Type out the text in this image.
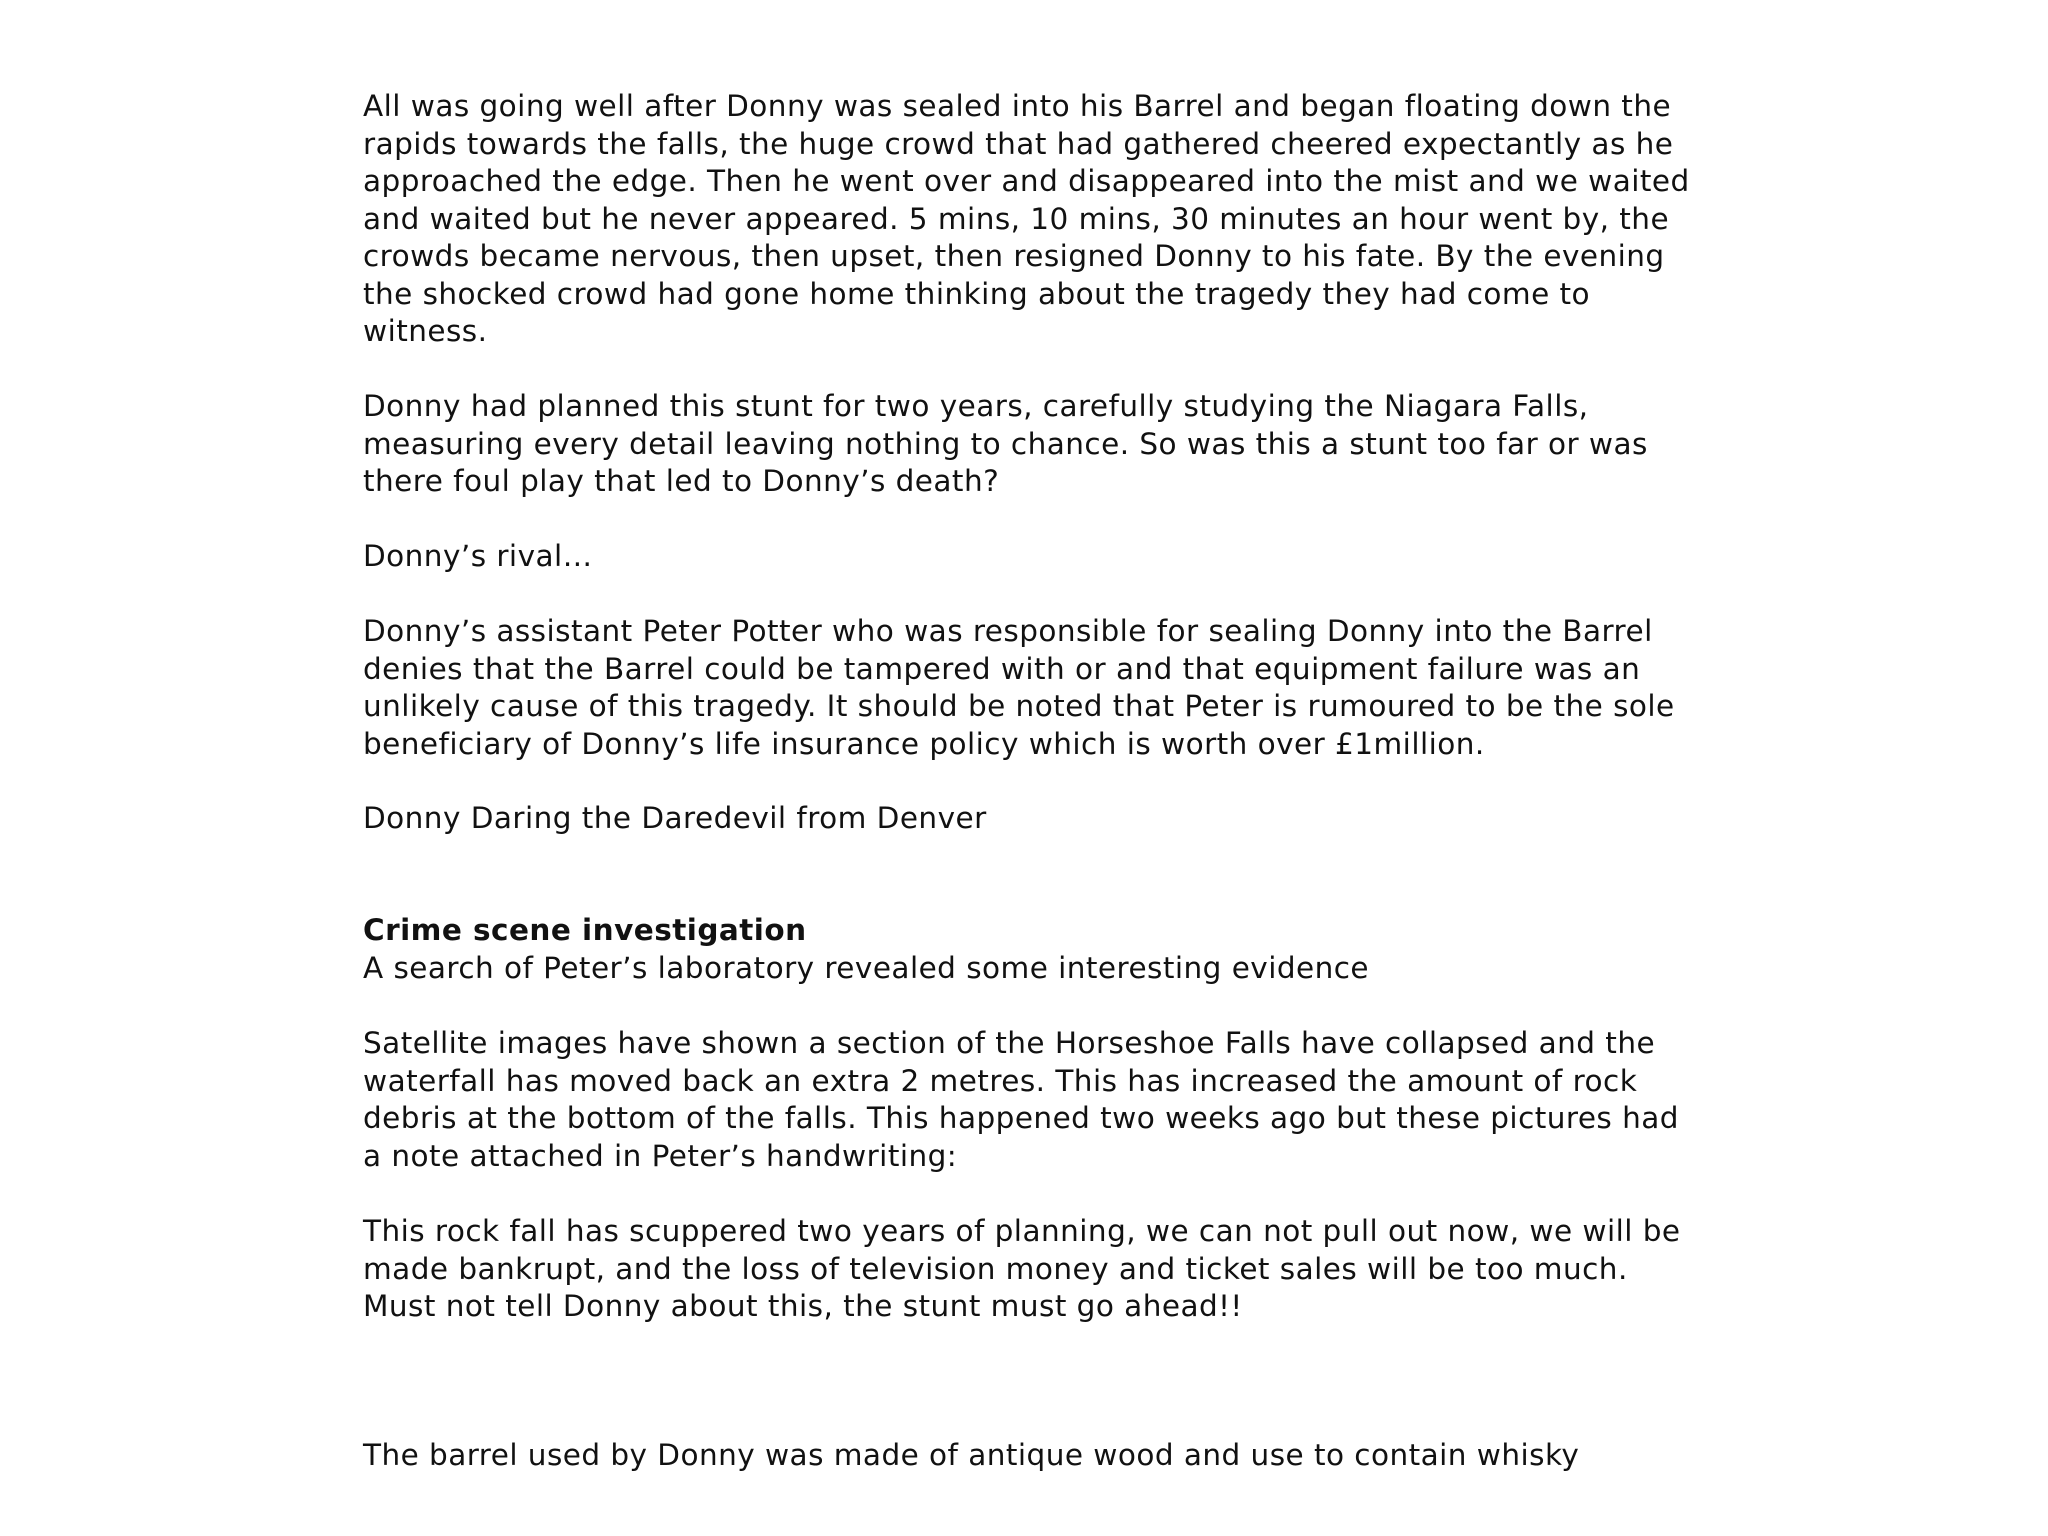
All was going well after Donny was sealed into his Barrel and began floating down the
rapids towards the falls, the huge crowd that had gathered cheered expectantly as he
approached the edge. Then he went over and disappeared into the mist and we waited
and waited but he never appeared. 5 mins, 10 mins, 30 minutes an hour went by, the
crowds became nervous, then upset, then resigned Donny to his fate. By the evening
the shocked crowd had gone home thinking about the tragedy they had come to
witness.
Donny had planned this stunt for two years, carefully studying the Niagara Falls,
measuring every detail leaving nothing to chance. So was this a stunt too far or was
there foul play that led to Donny’s death?
Donny’s rival…
Donny’s assistant Peter Potter who was responsible for sealing Donny into the Barrel
denies that the Barrel could be tampered with or and that equipment failure was an
unlikely cause of this tragedy. It should be noted that Peter is rumoured to be the sole
beneficiary of Donny’s life insurance policy which is worth over £1million.
Donny Daring the Daredevil from Denver
Crime scene investigation
A search of Peter’s laboratory revealed some interesting evidence
Satellite images have shown a section of the Horseshoe Falls have collapsed and the
waterfall has moved back an extra 2 metres. This has increased the amount of rock
debris at the bottom of the falls. This happened two weeks ago but these pictures had
a note attached in Peter’s handwriting:
This rock fall has scuppered two years of planning, we can not pull out now, we will be
made bankrupt, and the loss of television money and ticket sales will be too much.
Must not tell Donny about this, the stunt must go ahead!!
The barrel used by Donny was made of antique wood and use to contain whisky
